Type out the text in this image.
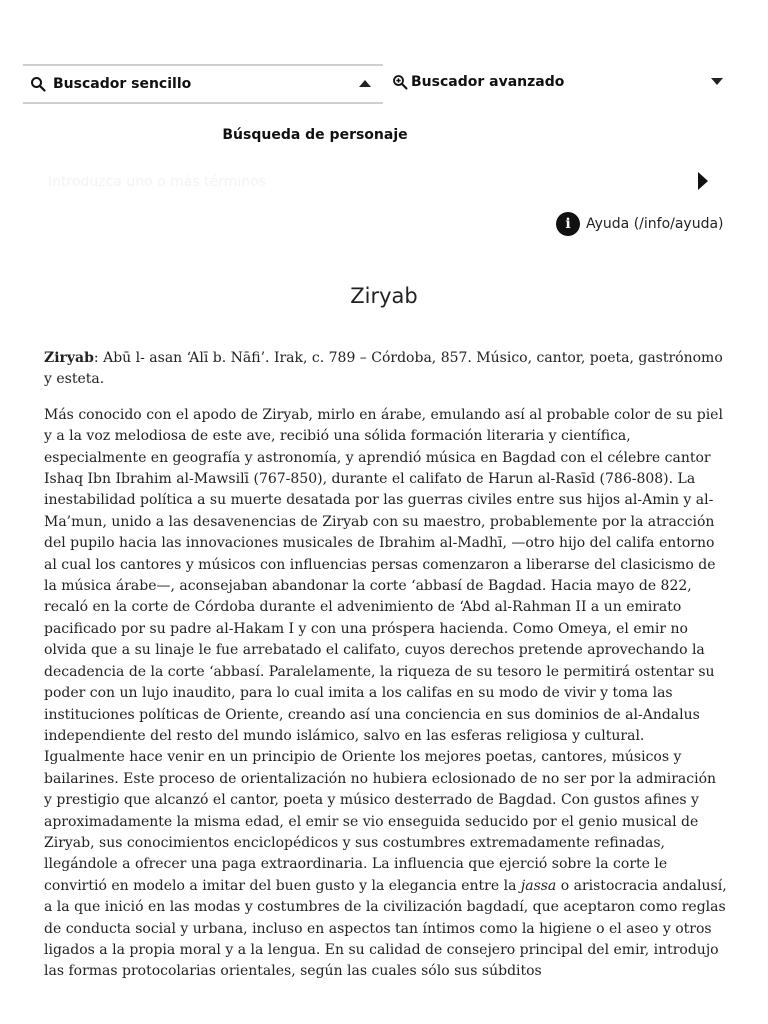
Buscador sencillo	Buscador avanzado
Búsqueda de personaje
Introduzca uno o más términos
i	Ayuda (/info/ayuda)
Ziryab

Ziryab: Abū l- asan ‘Alī b. Nāfi’. Irak, c. 789 – Córdoba, 857. Músico, cantor, poeta, gastrónomo y esteta.

Más conocido con el apodo de Ziryab, mirlo en árabe, emulando así al probable color de su piel y a la voz melodiosa de este ave, recibió una sólida formación literaria y científica, especialmente en geografía y astronomía, y aprendió música en Bagdad con el célebre cantor Ishaq Ibn Ibrahim al-Mawsilī (767-850), durante el califato de Harun al-Rasīd (786-808). La inestabilidad política a su muerte desatada por las guerras civiles entre sus hijos al-Amin y al-Ma’mun, unido a las desavenencias de Ziryab con su maestro, probablemente por la atracción del pupilo hacia las innovaciones musicales de Ibrahim al-Madhī, —otro hijo del califa entorno al cual los cantores y músicos con influencias persas comenzaron a liberarse del clasicismo de la música árabe—, aconsejaban abandonar la corte ‘abbasí de Bagdad. Hacia mayo de 822, recaló en la corte de Córdoba durante el advenimiento de ‘Abd al-Rahman II a un emirato pacificado por su padre al-Hakam I y con una próspera hacienda. Como Omeya, el emir no olvida que a su linaje le fue arrebatado el califato, cuyos derechos pretende aprovechando la decadencia de la corte ‘abbasí. Paralelamente, la riqueza de su tesoro le permitirá ostentar su poder con un lujo inaudito, para lo cual imita a los califas en su modo de vivir y toma las instituciones políticas de Oriente, creando así una conciencia en sus dominios de al-Andalus independiente del resto del mundo islámico, salvo en las esferas religiosa y cultural. Igualmente hace venir en un principio de Oriente los mejores poetas, cantores, músicos y bailarines. Este proceso de orientalización no hubiera eclosionado de no ser por la admiración y prestigio que alcanzó el cantor, poeta y músico desterrado de Bagdad. Con gustos afines y aproximadamente la misma edad, el emir se vio enseguida seducido por el genio musical de Ziryab, sus conocimientos enciclopédicos y sus costumbres extremadamente refinadas, llegándole a ofrecer una paga extraordinaria. La influencia que ejerció sobre la corte le convirtió en modelo a imitar del buen gusto y la elegancia entre la jassa o aristocracia andalusí, a la que inició en las modas y costumbres de la civilización bagdadí, que aceptaron como reglas de conducta social y urbana, incluso en aspectos tan íntimos como la higiene o el aseo y otros ligados a la propia moral y a la lengua. En su calidad de consejero principal del emir, introdujo las formas protocolarias orientales, según las cuales sólo sus súbditos
